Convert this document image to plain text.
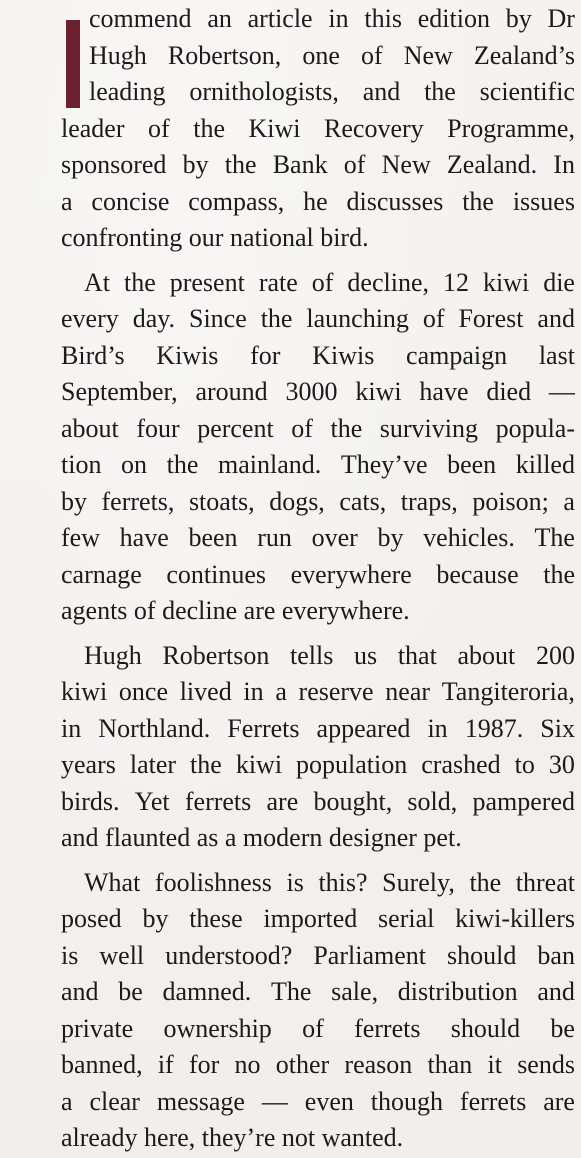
commend an article in this edition by Dr
Hugh Robertson, one of New Zealand’s
leading ornithologists, and the scientific
leader of the Kiwi Recovery Programme,
sponsored by the Bank of New Zealand. In
a concise compass, he discusses the issues
confronting our national bird.
At the present rate of decline, 12 kiwi die
every day. Since the launching of Forest and
Bird’s Kiwis for Kiwis campaign last
September, around 3000 kiwi have died —
about four percent of the surviving popula-
tion on the mainland. They’ve been killed
by ferrets, stoats, dogs, cats, traps, poison; a
few have been run over by vehicles. The
carnage continues everywhere because the
agents of decline are everywhere.
Hugh Robertson tells us that about 200
kiwi once lived in a reserve near Tangiteroria,
in Northland. Ferrets appeared in 1987. Six
years later the kiwi population crashed to 30
birds. Yet ferrets are bought, sold, pampered
and flaunted as a modern designer pet.
What foolishness is this? Surely, the threat
posed by these imported serial kiwi-killers
is well understood? Parliament should ban
and be damned. The sale, distribution and
private ownership of ferrets should be
banned, if for no other reason than it sends
a clear message — even though ferrets are
already here, they’re not wanted.
